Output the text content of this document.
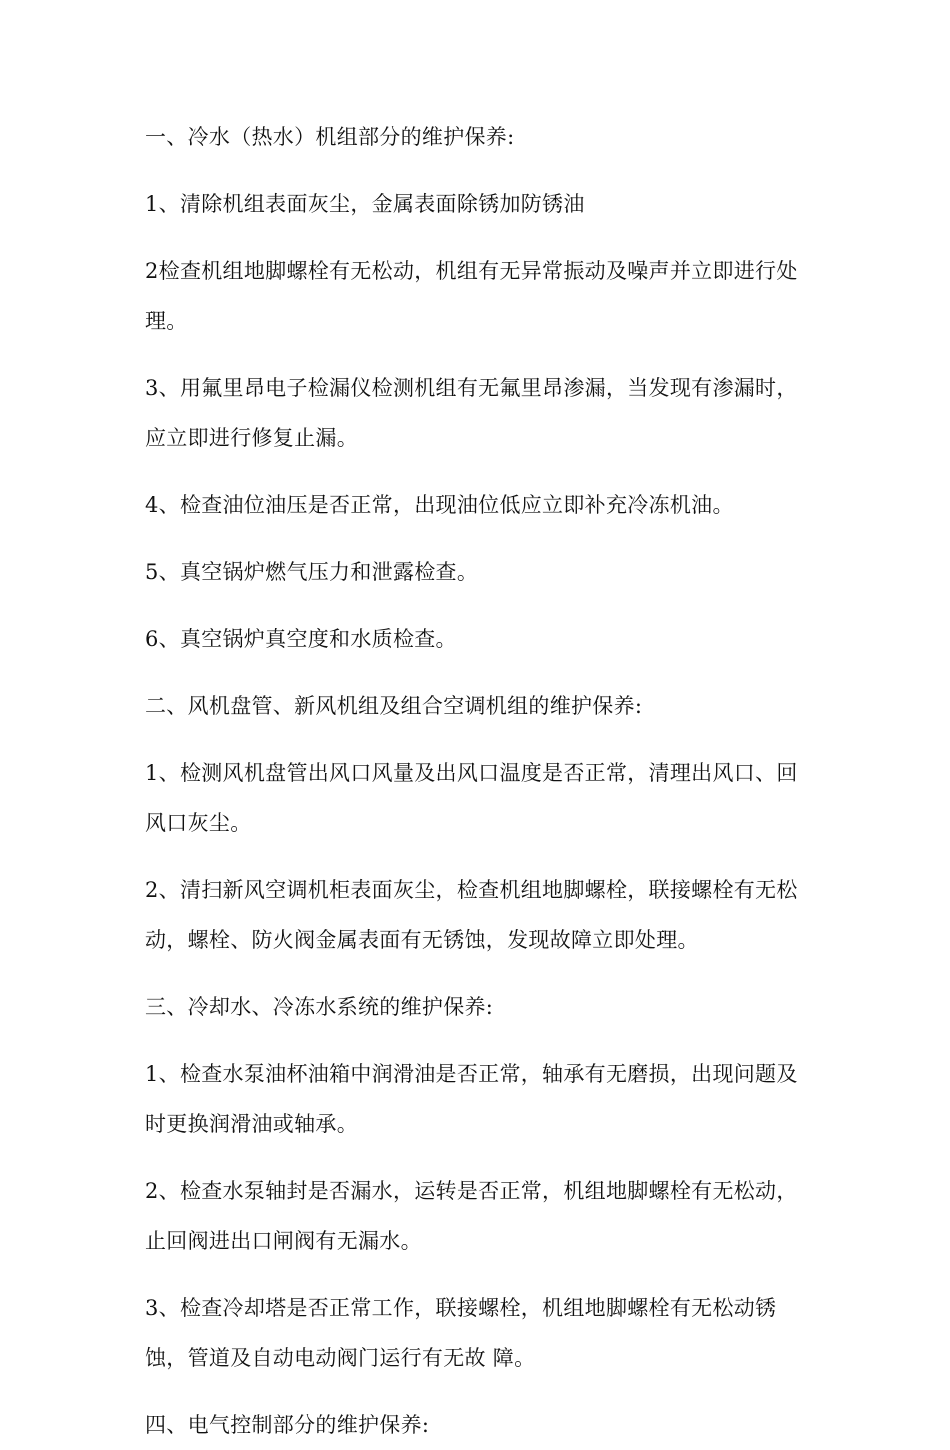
一、冷水（热水）机组部分的维护保养:

1、清除机组表面灰尘，金属表面除锈加防锈油

2检查机组地脚螺栓有无松动，机组有无异常振动及噪声并立即进行处理。

3、用氟里昂电子检漏仪检测机组有无氟里昂渗漏，当发现有渗漏时，应立即进行修复止漏。

4、检查油位油压是否正常，出现油位低应立即补充冷冻机油。

5、真空锅炉燃气压力和泄露检查。

6、真空锅炉真空度和水质检查。

二、风机盘管、新风机组及组合空调机组的维护保养:

1、检测风机盘管出风口风量及出风口温度是否正常，清理出风口、回风口灰尘。

2、清扫新风空调机柜表面灰尘，检查机组地脚螺栓，联接螺栓有无松动，螺栓、防火阀金属表面有无锈蚀，发现故障立即处理。

三、冷却水、冷冻水系统的维护保养:

1、检查水泵油杯油箱中润滑油是否正常，轴承有无磨损，出现问题及时更换润滑油或轴承。

2、检查水泵轴封是否漏水，运转是否正常，机组地脚螺栓有无松动，止回阀进出口闸阀有无漏水。

3、检查冷却塔是否正常工作，联接螺栓，机组地脚螺栓有无松动锈蚀，管道及自动电动阀门运行有无故 障。

四、电气控制部分的维护保养:
